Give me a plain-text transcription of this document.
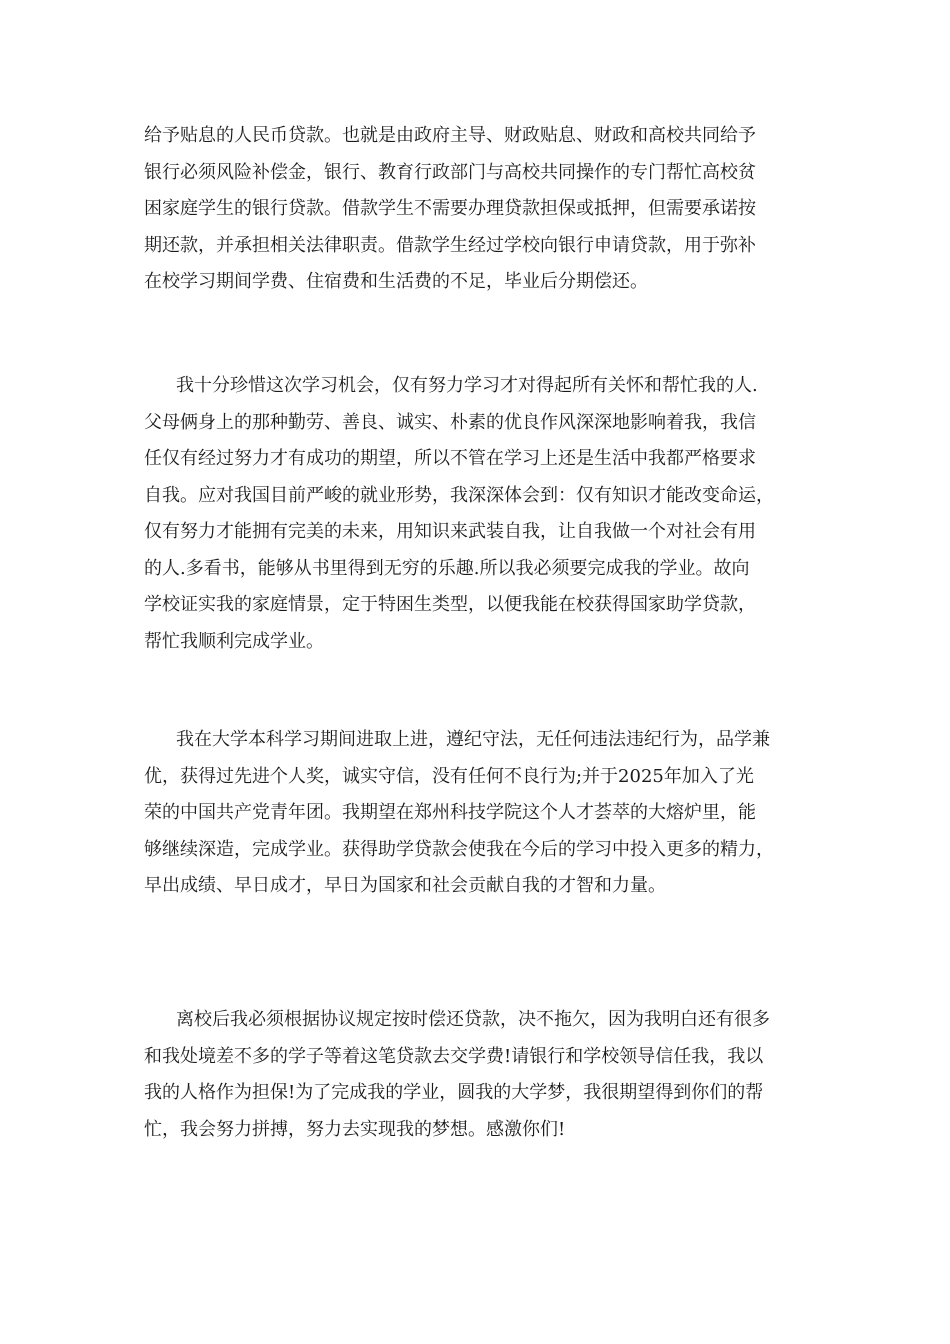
给予贴息的人民币贷款。也就是由政府主导、财政贴息、财政和高校共同给予
银行必须风险补偿金，银行、教育行政部门与高校共同操作的专门帮忙高校贫
困家庭学生的银行贷款。借款学生不需要办理贷款担保或抵押，但需要承诺按
期还款，并承担相关法律职责。借款学生经过学校向银行申请贷款，用于弥补
在校学习期间学费、住宿费和生活费的不足，毕业后分期偿还。
我十分珍惜这次学习机会，仅有努力学习才对得起所有关怀和帮忙我的人.
父母俩身上的那种勤劳、善良、诚实、朴素的优良作风深深地影响着我，我信
任仅有经过努力才有成功的期望，所以不管在学习上还是生活中我都严格要求
自我。应对我国目前严峻的就业形势，我深深体会到：仅有知识才能改变命运，
仅有努力才能拥有完美的未来，用知识来武装自我，让自我做一个对社会有用
的人.多看书，能够从书里得到无穷的乐趣.所以我必须要完成我的学业。故向
学校证实我的家庭情景，定于特困生类型，以便我能在校获得国家助学贷款，
帮忙我顺利完成学业。
我在大学本科学习期间进取上进，遵纪守法，无任何违法违纪行为，品学兼
优，获得过先进个人奖，诚实守信，没有任何不良行为;并于2025年加入了光
荣的中国共产党青年团。我期望在郑州科技学院这个人才荟萃的大熔炉里，能
够继续深造，完成学业。获得助学贷款会使我在今后的学习中投入更多的精力，
早出成绩、早日成才，早日为国家和社会贡献自我的才智和力量。
离校后我必须根据协议规定按时偿还贷款，决不拖欠，因为我明白还有很多
和我处境差不多的学子等着这笔贷款去交学费!请银行和学校领导信任我，我以
我的人格作为担保!为了完成我的学业，圆我的大学梦，我很期望得到你们的帮
忙，我会努力拼搏，努力去实现我的梦想。感激你们!
